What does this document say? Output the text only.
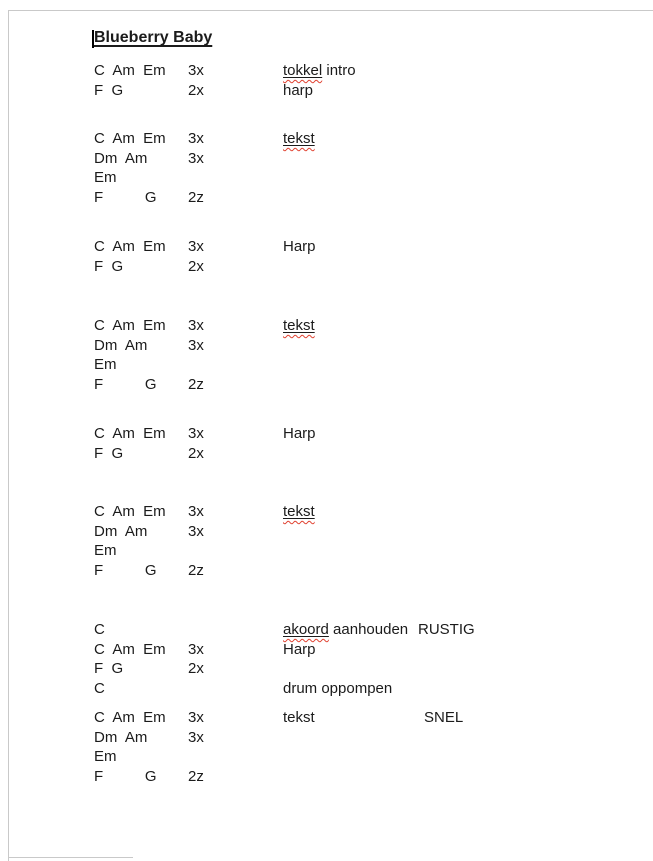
Blueberry Baby
C  Am  Em 3x	tokkel intro
F  G	2x	harp
C  Am  Em 3x	tekst
Dm  Am	3x
Em
F          G 2z
C  Am  Em 3x	Harp
F  G	2x
C  Am  Em 3x	tekst
Dm  Am	3x
Em
F          G 2z
C  Am  Em 3x	Harp
F  G	2x
C  Am  Em 3x	tekst
Dm  Am	3x
Em
F          G 2z
C	akoord aanhouden RUSTIG
C  Am  Em 3x	Harp
F  G	2x
C	drum oppompen
C  Am  Em 3x	tekst	SNEL
Dm  Am	3x
Em
F          G 2z
